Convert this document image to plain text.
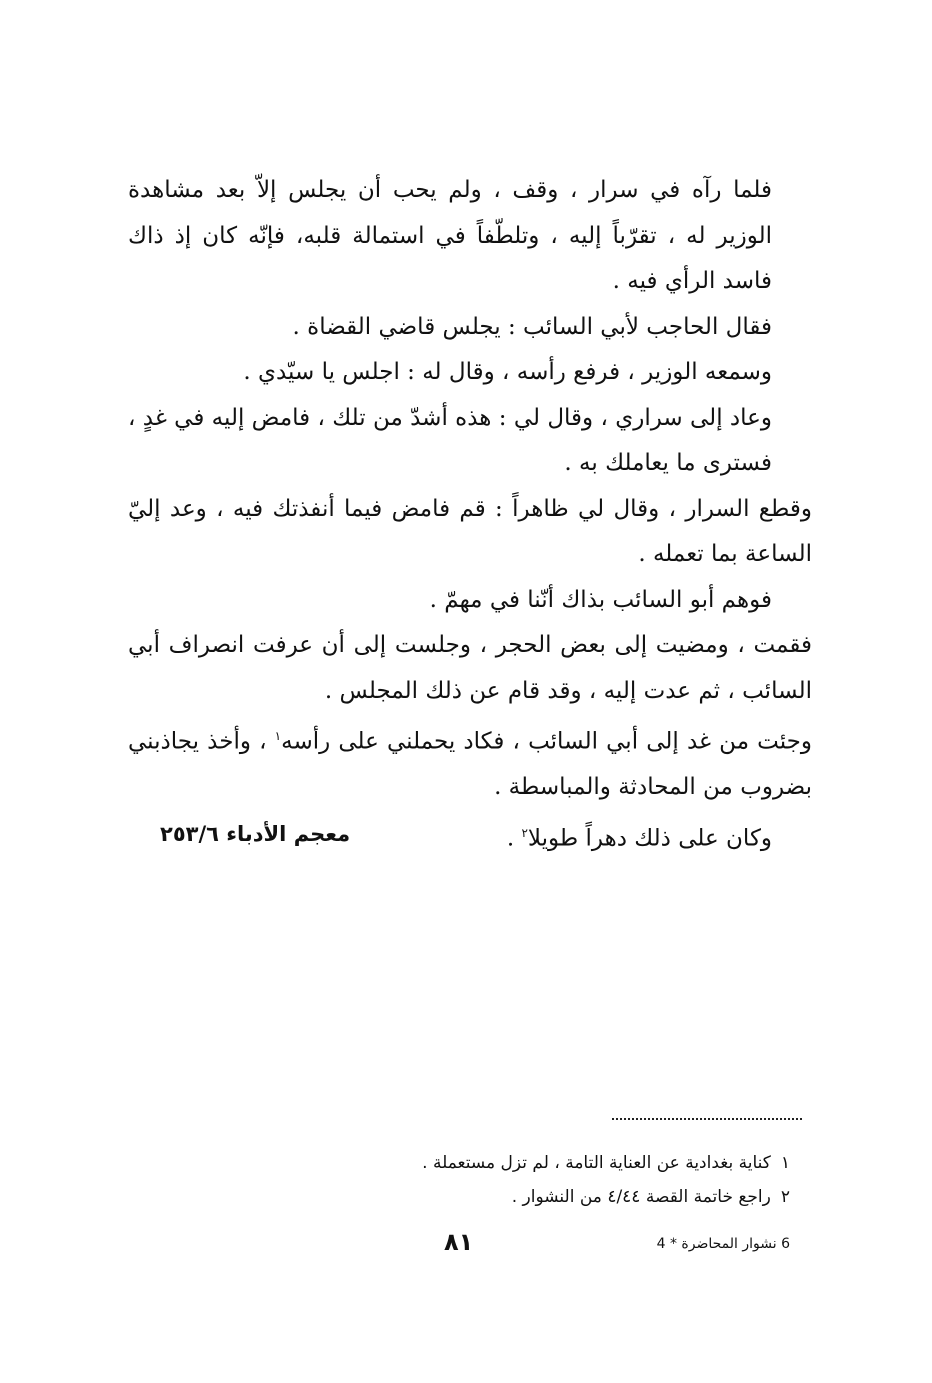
فلما رآه في سرار ، وقف ، ولم يحب أن يجلس إلاّ بعد مشاهدة الوزير له ، تقرّباً إليه ، وتلطّفاً في استمالة قلبه، فإنّه كان إذ ذاك فاسد الرأي فيه .

فقال الحاجب لأبي السائب : يجلس قاضي القضاة .

وسمعه الوزير ، فرفع رأسه ، وقال له : اجلس يا سيّدي .

وعاد إلى سراري ، وقال لي : هذه أشدّ من تلك ، فامض إليه في غدٍ ، فسترى ما يعاملك به .

وقطع السرار ، وقال لي ظاهراً : قم فامض فيما أنفذتك فيه ، وعد إليّ الساعة بما تعمله .

فوهم أبو السائب بذاك أنّنا في مهمّ .

فقمت ، ومضيت إلى بعض الحجر ، وجلست إلى أن عرفت انصراف أبي السائب ، ثم عدت إليه ، وقد قام عن ذلك المجلس .

وجئت من غد إلى أبي السائب ، فكاد يحملني على رأسه$^١$ ، وأخذ يجاذبني بضروب من المحادثة والمباسطة .

وكان على ذلك دهراً طويلا$^٢$ .

معجم الأدباء ٢٥٣/٦

١كناية بغدادية عن العناية التامة ، لم تزل مستعملة .

٢راجع خاتمة القصة ٤/٤٤ من النشوار .

٨١	6 نشوار المحاضرة * 4
